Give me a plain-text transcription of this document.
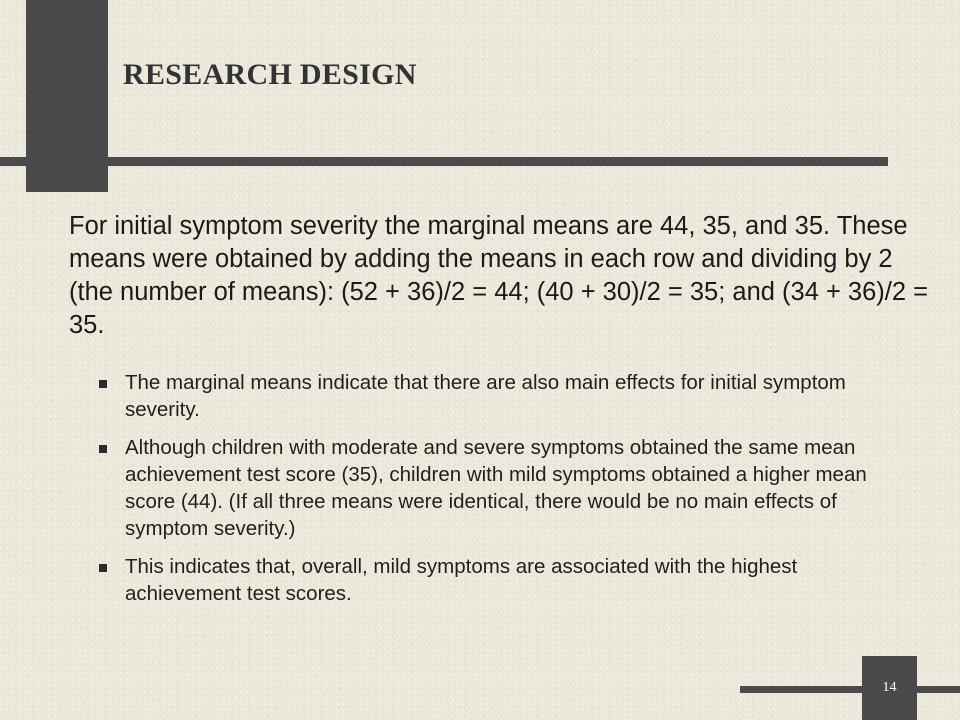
RESEARCH DESIGN

For initial symptom severity the marginal means are 44, 35, and 35. These means were obtained by adding the means in each row and dividing by 2 (the number of means): (52 + 36)/2 = 44; (40 + 30)/2 = 35; and (34 + 36)/2 = 35.

The marginal means indicate that there are also main effects for initial symptom severity.
Although children with moderate and severe symptoms obtained the same mean achievement test score (35), children with mild symptoms obtained a higher mean score (44). (If all three means were identical, there would be no main effects of symptom severity.)
This indicates that, overall, mild symptoms are associated with the highest achievement test scores.
14
